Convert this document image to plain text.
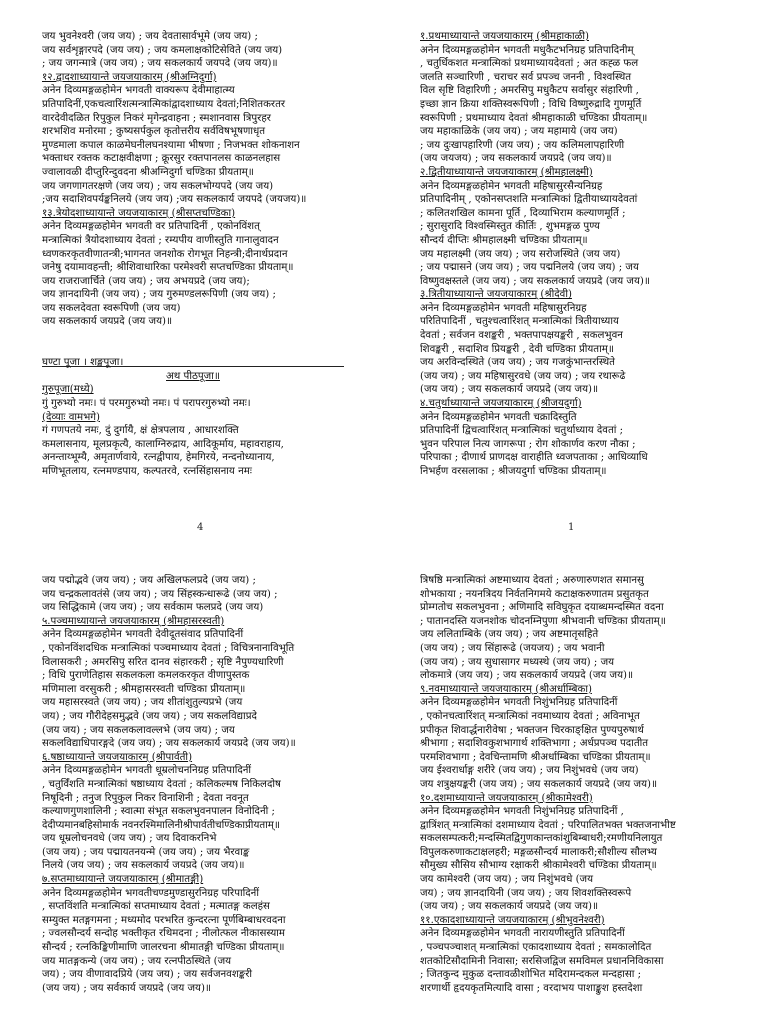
जय भुवनेश्वरी (जय जय) ; जय देवतासार्वभूमे (जय जय) ;
जय सर्वशृङ्गारपदे (जय जय) ; जय कमलाक्षकोटिसेविते (जय जय)
; जय जगन्मात्रे (जय जय) ; जय सकलकार्य जयपदे (जय जय)॥
१२.द्वादशाध्यायान्ते जयजयाकारम् (श्रीअग्निदुर्गा)
अनेन दिव्यमङ्गळहोमेन भगवती वाक्यरूप देवीमाहात्म्य
प्रतिपादिनीं,एकचत्वारिंशत्मन्त्रात्मिकांद्वादशाध्याय देवतां;निशितकरतर
वारदेवीदळित रिपुकुल निकरं मृगेन्द्रवाहना ; स्मशानवास त्रिपुरहर
शरभशिव मनोरमा ; कुष्यसर्पकुल कृतोत्तरीय सर्वविषभूषणाधृत
मुण्डमाला कपाल काळमेघनीलघनश्यामा भीषणा ; निजभक्त शोकनाशन
भक्ताधर रक्तक कटाक्षवीक्षणा ; क्रूरसुर रक्तपानलस काळनलहास
ज्वालावळी दीप्तुरिन्दुवदना श्रीअग्निदुर्गा चण्डिका प्रीयताम्॥
जय जगणागतरक्षणे (जय जय) ; जय सकलभोग्यपदे (जय जय)
;जय सदाशिवपर्यङ्कनिलये (जय जय) ;जय सकलकार्य जयपदे (जयजय)॥
१३.त्रेयोदशाध्यायान्ते जयजयाकारम् (श्रीसप्तचण्डिका)
अनेन दिव्यमङ्गळहोमेन भगवती वर प्रतिपादिनीं , एकोनविंशत्
मन्त्रात्मिकां त्रैयोदशाध्याय देवतां ; रम्यपीय वाणीस्तुति गानालुवादन
ध्वणकरकृतवीणातन्त्री;भागनत जनशोक रोगभूत निहन्त्री;दीनार्थप्रदान
जनेषु दयामावहन्ती; श्रीशिवाधारिका परमेश्वरी सप्तचण्डिका प्रीयताम्॥
जय राजराजार्चिते (जय जय) ; जय अभयप्रदे (जय जय);
जय ज्ञानदायिनी (जय जय) ; जय गुरुमण्डलरूपिणी (जय जय) ;
जय सकलदेवता स्वरूपिणी (जय जय)
जय सकलकार्य जयप्रदे (जय जय)॥

घण्टा पूजा । शङ्खपूजा।
अथ पीठपूजा॥
गुरुपूजा(मध्ये)
गुं गुरुभ्यो नमः। पं परमगुरुभ्यो नमः। पं परापरगुरुभ्यो नमः।
(देव्याः वामभगे)
गं गणपतये नमः, दुं दुर्गायै, क्षं क्षेत्रपलाय , आधारशक्ति
कमलासनाय, मूलप्रकृत्यै, कालाग्निरुद्राय, आदिकूर्माय, महावराहाय,
अनन्ताय्भूम्यै, अमृतार्णवाये, रत्नद्वीपाय, हेमगिरये, नन्दनोध्यानाय,
मणिभूतलाय, रत्नमण्डपाय, कल्पतरवे, रत्नसिंहासनाय नमः
4
१.प्रथमाध्यायान्ते जयजयाकारम् (श्रीमहाकाळी)
अनेन दिव्यमङ्गळहोमेन भगवती मधुकैटभनिग्रह प्रतिपादिनीम्
, चतुर्धिकशत मन्त्रात्मिकां प्रथमाध्यायदेवतां ; अत कह्ळ फल
जलति सञ्चारिणी , चराचर सर्व प्रपञ्च जननी , विश्वस्थित
विल सृष्टि विहारिणी ; अमरसिपु मधुकैटप सर्वासुर संहारिणी ,
इच्छा ज्ञान क्रिया शक्तिस्वरूपिणी ; विधि विष्णुरुद्रादि गुणमूर्ति
स्वरूपिणी ; प्रथमाध्याय देवतां श्रीमहाकाळी चण्डिका प्रीयताम्॥
जय महाकाळिके (जय जय) ; जय महामाये (जय जय)
; जय दुःखापहारिणी (जय जय) ; जय कलिमलापहारिणी
(जय जयजय) ; जय सकलकार्य जयप्रदे (जय जय)॥
२.द्वितीयाध्यायान्ते जयजयाकारम् (श्रीमहालक्ष्मी)
अनेन दिव्यमङ्गळहोमेन भगवती महिषासुरसैन्यनिग्रह
प्रतिपादिनीम् , एकोनसप्तशति मन्त्रात्मिकां द्वितीयाध्यायदेवतां
; कलितशखिल कामना पूर्ति , दिव्याभिराम कल्याणमूर्ति ;
; सुरासुरादि विश्वस्मिस्तुत कीर्तिः , शुभमङ्गळ पुण्य
सौन्दर्य दीप्तिः श्रीमहालक्ष्मी चण्डिका प्रीयताम्॥
जय महालक्ष्मी (जय जय) ; जय सरोजस्थिते (जय जय)
; जय पद्मासने (जय जय) ; जय पद्मनिलये (जय जय) ; जय
विष्णुवक्षस्तले (जय जय) ; जय सकलकार्य जयप्रदे (जय जय)॥
३.त्रितीयाध्यायान्ते जयजयाकारम् (श्रीदेवी)
अनेन दिव्यमङ्गळहोमेन भगवती महिषासुरनिग्रह
परितिपादिनीं , चतुश्चत्वारिंशत् मन्त्रात्मिकां त्रितीयाध्याय
देवतां ; सर्वजन वशङ्करी , भक्तपापक्षयङ्करी , सकलभुवन
शिवङ्करी , सदाशिव प्रियङ्करी , देवी चण्डिका प्रीयताम्॥
जय अरविन्दस्थिते (जय जय) ; जय गजकुंभान्तरस्थिते
(जय जय) ; जय महिषासुरवधे (जय जय) ; जय रथारूढे
(जय जय) ; जय सकलकार्य जयप्रदे (जय जय)॥
४.चतुर्थाध्यायान्ते जयजयाकारम् (श्रीजयदुर्गा)
अनेन दिव्यमङ्गळहोमेन भगवती चक्रादिस्तुति
प्रतिपादिनीं द्विचत्वारिंशत् मन्त्रात्मिकां चतुर्थाध्याय देवतां ;
भुवन परिपाल नित्य जागरूपा ; रोग शोकार्णव करण नौका ;
परिपाका ; दीणार्थ प्राणदक्ष वाराहीति ध्वजपताका ; आधिव्याधि
निभर्हण वरसलाका ; श्रीजयदुर्गा चण्डिका प्रीयताम्॥
1
जय पद्मोद्भवे (जय जय) ; जय अखिलफलप्रदे (जय जय) ;
जय चन्द्रकलावतंसे (जय जय) ; जय सिंहस्कन्धारूढे (जय जय) ;
जय सिद्धिकामे (जय जय) ; जय सर्वकाम फलप्रदे (जय जय)
५.पञ्चमाध्यायान्ते जयजयाकारम् (श्रीमहासरस्वती)
अनेन दिव्यमङ्गळहोमेन भगवती देवीदूतसंवाद प्रतिपादिनीं
, एकोनविंशदधिक मन्त्रात्मिकां पञ्चमाध्याय देवतां ; विचित्रनानाविभूति
विलासकरी ; अमरसिपु सरित दानव संहारकरी ; सृष्टि नैपुण्यधारिणी
; विधि पुराणेतिहास सकलकला कमलकरकृत वीणापुस्तक
मणिमाला वरसुकरी ; श्रीमहासरस्वती चण्डिका प्रीयताम्॥
जय महासरस्वते (जय जय) ; जय शीतांशुतुल्यप्रभे (जय
जय) ; जय गौरीदेहसमुद्भवे (जय जय) ; जय सकलविद्याप्रदे
(जय जय) ; जय सकलकलावल्लभे (जय जय) ; जय
सकलविद्याधिपारङ्गदे (जय जय) ; जय सकलकार्य जयप्रदे (जय जय)॥
६.षष्ठाध्यायान्ते जयजयाकारम् (श्रीपार्वती)
अनेन दिव्यमङ्गळहोमेन भगवती धूम्रलोचननिग्रह प्रतिपादिनीं
, चतुर्विंशति मन्त्रात्मिकां षष्ठाध्याय देवतां ; कलिकल्मष निकिलदोष
निषूदिनी ; तनुज रिपुकुल निकर विनाशिनी ; देवता नवनूत
कल्याणगुणशालिनी ; स्वात्मा संभूत सकलभुवनपालन विनोदिनी ;
देदीप्यमानबहिसोमार्क नवनरश्मिमालिनीश्रीपार्वतीचण्डिकाप्रीयताम्॥
जय धूम्रलोचनवधे (जय जय) ; जय दिवाकरनिभे
(जय जय) ; जय पद्मायतनयन्मे (जय जय) ; जय भैरवाङ्क
निलये (जय जय) ; जय सकलकार्य जयप्रदे (जय जय)॥
७.सप्तमाध्यायान्ते जयजयाकारम् (श्रीमातङ्गी)
अनेन दिव्यमङ्गळहोमेन भगवतीचण्डमुण्डासुरनिग्रह परिपादिनीं
, सप्तविंशति मन्त्रात्मिकां सप्तमाध्याय देवतां ; मत्मातङ्ग कलहंस
सम्युक्त मतङ्गगमना ; मध्यमोद परभरित कुन्दरत्ना पूर्णबिम्बाधरवदना
; ज्वलसौन्दर्य सन्दोह भक्तीकृत रथिमदना ; नीलोत्फल नीकासस्याम
सौन्दर्य ; रत्नकिङ्किणीमाणि जालरचना श्रीमातङ्गी चण्डिका प्रीयताम्॥
जय मातङ्गकन्ये (जय जय) ; जय रत्नपीठस्थिते (जय
जय) ; जय वीणावादप्रिये (जय जय) ; जय सर्वजनवशङ्करी
(जय जय) ; जय सर्वकार्य जयप्रदे (जय जय)॥
त्रिषष्ठि मन्त्रात्मिकां अष्टमाध्याय देवतां ; अरुणारुणशत समानसु
शोभकाया ; नयनत्रिदय निर्वतनिगमये कटाक्षकरुणातम प्रसुतकृत
प्रोम्गतोच सकलभुवना ; अणिमादि सविघुकृत दयाब्धमन्दस्मित वदना
; पातानदस्ति यजनशोक चोदनम्निपुणा श्रीभवानी चण्डिका प्रीयताम्॥
जय ललिताम्बिके (जय जय) ; जय अष्टमातृसहिते
(जय जय) ; जय सिंहारूढे (जयजय) ; जय भवानी
(जय जय) ; जय सुधासागर मध्यस्थे (जय जय) ; जय
लोकमात्रे (जय जय) ; जय सकलकार्य जयप्रदे (जय जय)॥
९.नवमाध्यायान्ते जयजयाकारम् (श्रीअर्धाम्बिका)
अनेन दिव्यमङ्गळहोमेन भगवती निशुंभनिग्रह प्रतिपादिनीं
, एकोनचत्वारिंशत् मन्त्रात्मिकां नवमाध्याय देवतां ; अविनाभूत
प्रपीकृत शिवार्द्धनारीवेषा ; भक्तजन चिरकाङ्क्षित पुण्यपुरुषार्थ
श्रीभागा ; सदाशिवकुशभागार्थ शक्तिभागा ; अर्धप्रपञ्च पदातीत
परमशिवभागा ; देवचिन्तामणि श्रीअर्धाम्बिका चण्डिका प्रीयताम्॥
जय ईश्वरार्धाङ्ग शरीरे (जय जय) ; जय निशुंभवधे (जय जय)
जय शत्रुक्षयङ्करी (जय जय) ; जय सकलकार्य जयप्रदे (जय जय)॥
१०.दशमाध्यायान्ते जयजयाकारम् (श्रीकामेश्वरी)
अनेन दिव्यमङ्गळहोमेन भगवती निशुंभनिग्रह प्रतिपादिनीं ,
द्वात्रिंशत् मन्त्रात्मिकां दशमाध्याय देवतां ; परिपालितभक्त भक्तजनाभीष्ट
सकलसम्पत्करी;मन्दस्मितद्विगुणकान्तकांशुबिम्बाधरी;रमणीयनिलायुत
विपुलकरुणाकटाक्षलहरी; मङ्गळसौन्दर्य मालाकरी;सौशील्य सौलभ्य
सौमुख्य सौसिय सौभाग्य रक्षाकरी श्रीकामेश्वरी चण्डिका प्रीयताम्॥
जय कामेश्वरी (जय जय) ; जय निशुंभवधे (जय
जय) ; जय ज्ञानदायिनी (जय जय) ; जय शिवशक्तिस्वरूपे
(जय जय) ; जय सकलकार्य जयप्रदे (जय जय)॥
११.एकादशाध्यायान्ते जयजयाकारम् (श्रीभुवनेश्वरी)
अनेन दिव्यमङ्गळहोमेन भगवती नारायणीस्तुति प्रतिपादिनीं
, पञ्चपञ्चाशत् मन्त्रात्मिकां एकादशाध्याय देवतां ; समकालोदित
शतकोटिसौदामिनी निवासा; सरसिजद्विज समविमल प्रधाननिविकासा
; जितकुन्द मुकुळ दन्तावळीशोभित मदिरामन्दकल मन्दहासा ;
शरणार्थी हृदयकृतमित्यादि वासा ; वरदाभय पाशाङ्कुश हस्तदेशा
